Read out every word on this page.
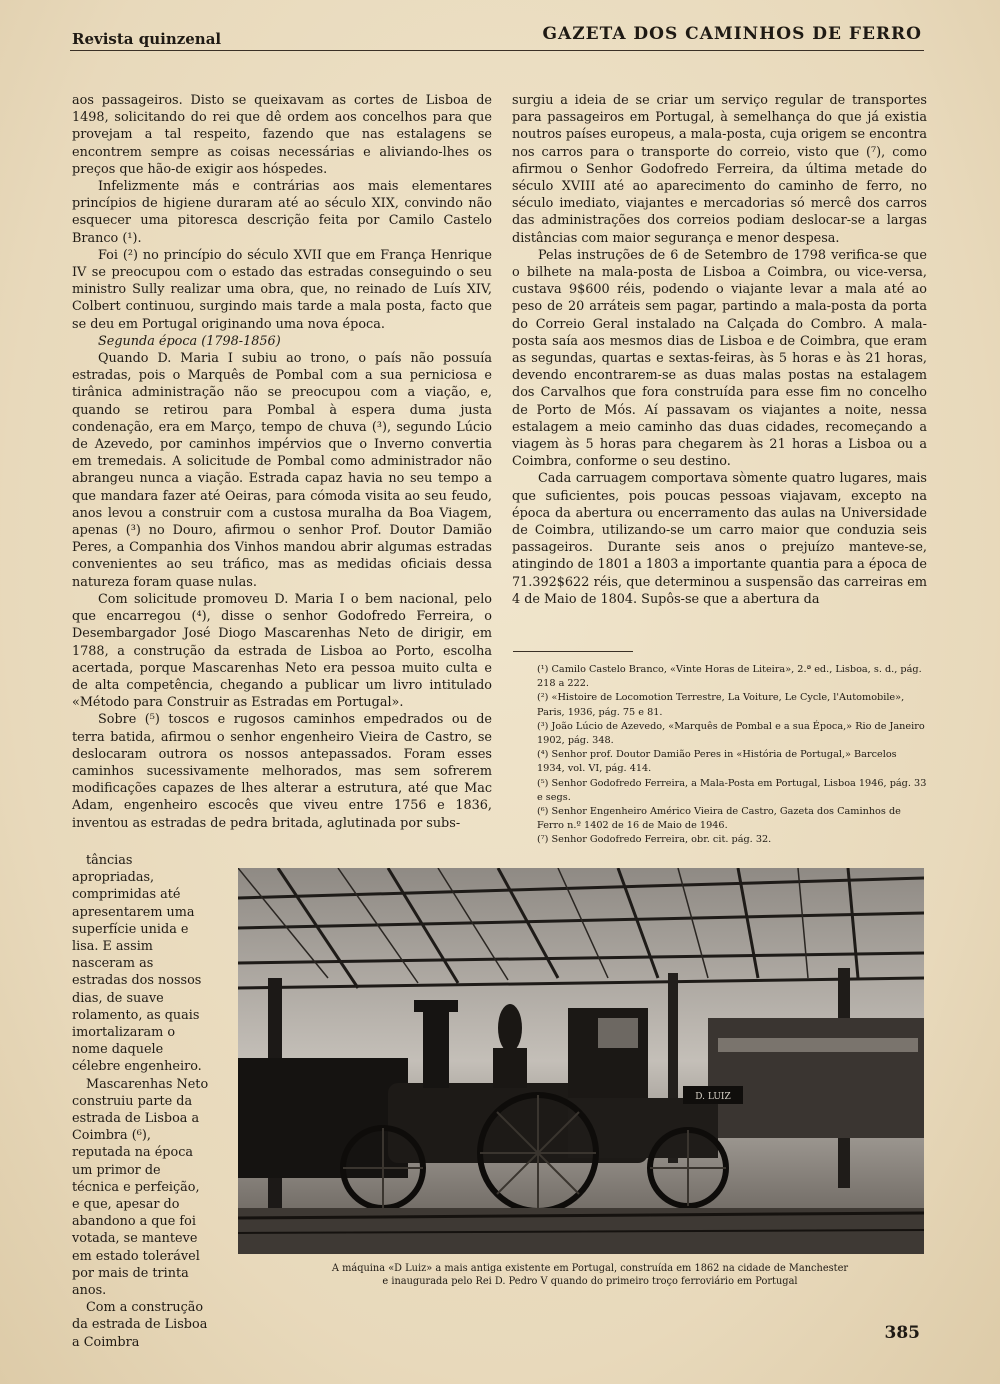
Revista quinzenal	GAZETA DOS CAMINHOS DE FERRO

aos passageiros. Disto se queixavam as cortes de Lisboa de 1498, solicitando do rei que dê ordem aos concelhos para que provejam a tal respeito, fazendo que nas estalagens se encontrem sempre as coisas necessárias e aliviando-lhes os preços que hão-de exigir aos hóspedes.

Infelizmente más e contrárias aos mais elementares princípios de higiene duraram até ao século XIX, convindo não esquecer uma pitoresca descrição feita por Camilo Castelo Branco (¹).

Foi (²) no princípio do século XVII que em França Henrique IV se preocupou com o estado das estradas conseguindo o seu ministro Sully realizar uma obra, que, no reinado de Luís XIV, Colbert continuou, surgindo mais tarde a mala posta, facto que se deu em Portugal originando uma nova época.

Segunda época (1798-1856)

Quando D. Maria I subiu ao trono, o país não possuía estradas, pois o Marquês de Pombal com a sua perniciosa e tirânica administração não se preocupou com a viação, e, quando se retirou para Pombal à espera duma justa condenação, era em Março, tempo de chuva (³), segundo Lúcio de Azevedo, por caminhos impérvios que o Inverno convertia em tremedais. A solicitude de Pombal como administrador não abrangeu nunca a viação. Estrada capaz havia no seu tempo a que mandara fazer até Oeiras, para cómoda visita ao seu feudo, anos levou a construir com a custosa muralha da Boa Viagem, apenas (³) no Douro, afirmou o senhor Prof. Doutor Damião Peres, a Companhia dos Vinhos mandou abrir algumas estradas convenientes ao seu tráfico, mas as medidas oficiais dessa natureza foram quase nulas.

Com solicitude promoveu D. Maria I o bem nacional, pelo que encarregou (⁴), disse o senhor Godofredo Ferreira, o Desembargador José Diogo Mascarenhas Neto de dirigir, em 1788, a construção da estrada de Lisboa ao Porto, escolha acertada, porque Mascarenhas Neto era pessoa muito culta e de alta competência, chegando a publicar um livro intitulado «Método para Construir as Estradas em Portugal».

Sobre (⁵) toscos e rugosos caminhos empedrados ou de terra batida, afirmou o senhor engenheiro Vieira de Castro, se deslocaram outrora os nossos antepassados. Foram esses caminhos sucessivamente melhorados, mas sem sofrerem modificações capazes de lhes alterar a estrutura, até que Mac Adam, engenheiro escocês que viveu entre 1756 e 1836, inventou as estradas de pedra britada, aglutinada por subs-

tâncias apropriadas, comprimidas até apresentarem uma superfície unida e lisa. E assim nasceram as estradas dos nossos dias, de suave rolamento, as quais imortalizaram o nome daquele célebre engenheiro.

Mascarenhas Neto construiu parte da estrada de Lisboa a Coimbra (⁶), reputada na época um primor de técnica e perfeição, e que, apesar do abandono a que foi votada, se manteve em estado tolerável por mais de trinta anos.

Com a construção da estrada de Lisboa a Coimbra

surgiu a ideia de se criar um serviço regular de transportes para passageiros em Portugal, à semelhança do que já existia noutros países europeus, a mala-posta, cuja origem se encontra nos carros para o transporte do correio, visto que (⁷), como afirmou o Senhor Godofredo Ferreira, da última metade do século XVIII até ao aparecimento do caminho de ferro, no século imediato, viajantes e mercadorias só mercê dos carros das administrações dos correios podiam deslocar-se a largas distâncias com maior segurança e menor despesa.

Pelas instruções de 6 de Setembro de 1798 verifica-se que o bilhete na mala-posta de Lisboa a Coimbra, ou vice-versa, custava 9$600 réis, podendo o viajante levar a mala até ao peso de 20 arráteis sem pagar, partindo a mala-posta da porta do Correio Geral instalado na Calçada do Combro. A mala-posta saía aos mesmos dias de Lisboa e de Coimbra, que eram as segundas, quartas e sextas-feiras, às 5 horas e às 21 horas, devendo encontrarem-se as duas malas postas na estalagem dos Carvalhos que fora construída para esse fim no concelho de Porto de Mós. Aí passavam os viajantes a noite, nessa estalagem a meio caminho das duas cidades, recomeçando a viagem às 5 horas para chegarem às 21 horas a Lisboa ou a Coimbra, conforme o seu destino.

Cada carruagem comportava sòmente quatro lugares, mais que suficientes, pois poucas pessoas viajavam, excepto na época da abertura ou encerramento das aulas na Universidade de Coimbra, utilizando-se um carro maior que conduzia seis passageiros. Durante seis anos o prejuízo manteve-se, atingindo de 1801 a 1803 a importante quantia para a época de 71.392$622 réis, que determinou a suspensão das carreiras em 4 de Maio de 1804. Supôs-se que a abertura da

(¹) Camilo Castelo Branco, «Vinte Horas de Liteira», 2.ª ed., Lisboa, s. d., pág. 218 a 222.
(²) «Histoire de Locomotion Terrestre, La Voiture, Le Cycle, l'Automobile», Paris, 1936, pág. 75 e 81.
(³) João Lúcio de Azevedo, «Marquês de Pombal e a sua Época,» Rio de Janeiro 1902, pág. 348.
(⁴) Senhor prof. Doutor Damião Peres in «História de Portugal,» Barcelos 1934, vol. VI, pág. 414.
(⁵) Senhor Godofredo Ferreira, a Mala-Posta em Portugal, Lisboa 1946, pág. 33 e segs.
(⁶) Senhor Engenheiro Américo Vieira de Castro, Gazeta dos Caminhos de Ferro n.º 1402 de 16 de Maio de 1946.
(⁷) Senhor Godofredo Ferreira, obr. cit. pág. 32.
D. LUIZ
A máquina «D Luiz» a mais antiga existente em Portugal, construída em 1862 na cidade de Manchester
e inaugurada pelo Rei D. Pedro V quando do primeiro troço ferroviário em Portugal
385
